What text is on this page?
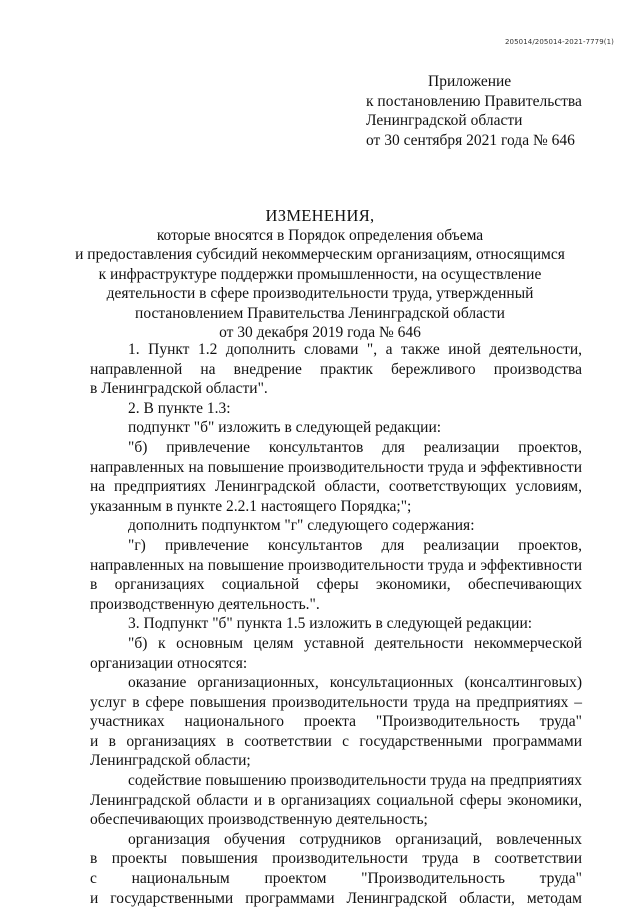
205014/205014-2021-7779(1)
Приложение
к постановлению Правительства
Ленинградской области
от 30 сентября 2021 года № 646
ИЗМЕНЕНИЯ,
которые вносятся в Порядок определения объема
и предоставления субсидий некоммерческим организациям, относящимся
к инфраструктуре поддержки промышленности, на осуществление
деятельности в сфере производительности труда, утвержденный
постановлением Правительства Ленинградской области
от 30 декабря 2019 года № 646
1. Пункт 1.2 дополнить словами ", а также иной деятельности,
направленной на внедрение практик бережливого производства
в Ленинградской области".
2. В пункте 1.3:
подпункт "б" изложить в следующей редакции:
"б) привлечение консультантов для реализации проектов,
направленных на повышение производительности труда и эффективности
на предприятиях Ленинградской области, соответствующих условиям,
указанным в пункте 2.2.1 настоящего Порядка;";
дополнить подпунктом "г" следующего содержания:
"г) привлечение консультантов для реализации проектов,
направленных на повышение производительности труда и эффективности
в организациях социальной сферы экономики, обеспечивающих
производственную деятельность.".
3. Подпункт "б" пункта 1.5 изложить в следующей редакции:
"б) к основным целям уставной деятельности некоммерческой
организации относятся:
оказание организационных, консультационных (консалтинговых)
услуг в сфере повышения производительности труда на предприятиях –
участниках национального проекта "Производительность труда"
и в организациях в соответствии с государственными программами
Ленинградской области;
содействие повышению производительности труда на предприятиях
Ленинградской области и в организациях социальной сферы экономики,
обеспечивающих производственную деятельность;
организация обучения сотрудников организаций, вовлеченных
в проекты повышения производительности труда в соответствии
с национальным проектом "Производительность труда"
и государственными программами Ленинградской области, методам
